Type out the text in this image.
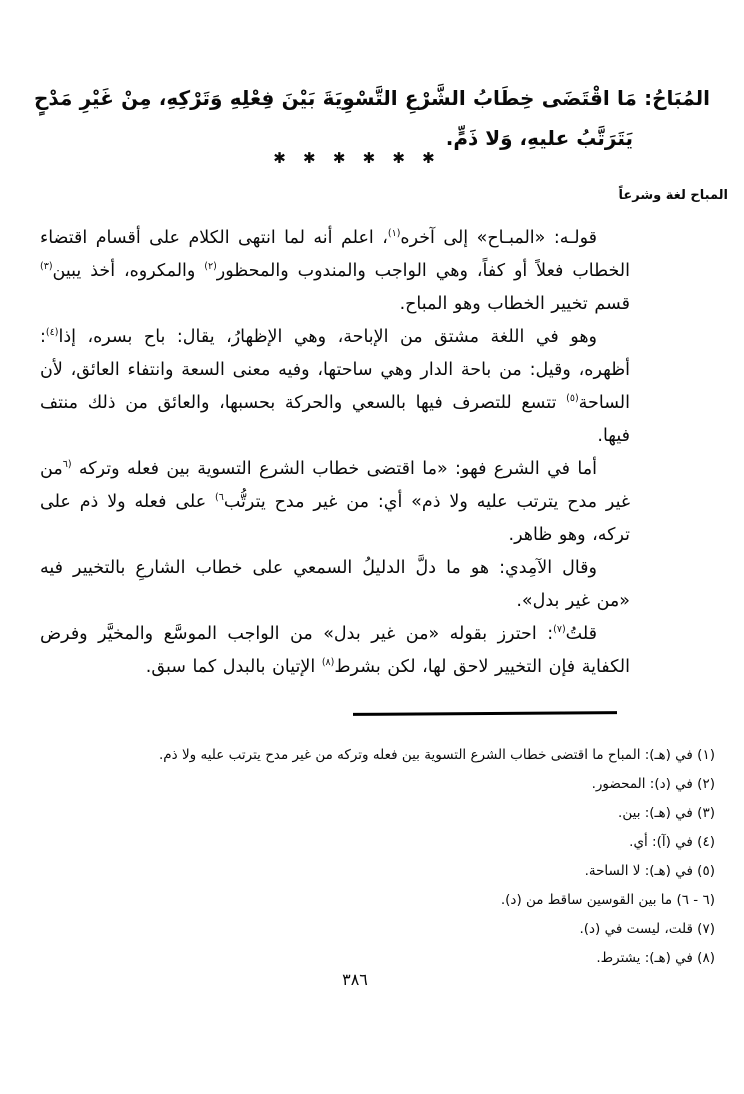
المُبَاحُ: مَا اقْتَضَى خِطَابُ الشَّرْعِ التَّسْوِيَةَ بَيْنَ فِعْلِهِ وَتَرْكِهِ، مِنْ غَيْرِ مَدْحٍ
يَتَرَتَّبُ عليهِ، وَلا ذَمٍّ.
✱ ✱ ✱ ✱ ✱ ✱
المباح لغة وشرعاً

قولـه: «المبـاح» إلى آخره$^{(١)}$، اعلم أنه لما انتهى الكلام على أقسام اقتضاء الخطاب فعلاً أو كفاً، وهي الواجب والمندوب والمحظور$^{(٢)}$ والمكروه، أخذ يبين$^{(٣)}$ قسم تخيير الخطاب وهو المباح.

وهو في اللغة مشتق من الإباحة، وهي الإظهارُ، يقال: باح بسره، إذا$^{(٤)}$: أظهره، وقيل: من باحة الدار وهي ساحتها، وفيه معنى السعة وانتفاء العائق، لأن الساحة$^{(٥)}$ تتسع للتصرف فيها بالسعي والحركة بحسبها، والعائق من ذلك منتف فيها.

أما في الشرع فهو: «ما اقتضى خطاب الشرع التسوية بين فعله وتركه $^{(٦}$من غير مدح يترتب عليه ولا ذم» أي: من غير مدح يترتُّب$^{٦)}$ على فعله ولا ذم على تركه، وهو ظاهر.

وقال الآمِدي: هو ما دلَّ الدليلُ السمعي على خطاب الشارعِ بالتخيير فيه «من غير بدل».

قلتُ$^{(٧)}$: احترز بقوله «من غير بدل» من الواجب الموسَّع والمخيَّر وفرض الكفاية فإن التخيير لاحق لها، لكن بشرط$^{(٨)}$ الإتيان بالبدل كما سبق.

(١) في (هـ): المباح ما اقتضى خطاب الشرع التسوية بين فعله وتركه من غير مدح يترتب عليه ولا ذم.
(٢) في (د): المحضور.
(٣) في (هـ): بين.
(٤) في (آ): أي.
(٥) في (هـ): لا الساحة.
(٦ - ٦) ما بين القوسين ساقط من (د).
(٧) قلت، ليست في (د).
(٨) في (هـ): يشترط.
٣٨٦
